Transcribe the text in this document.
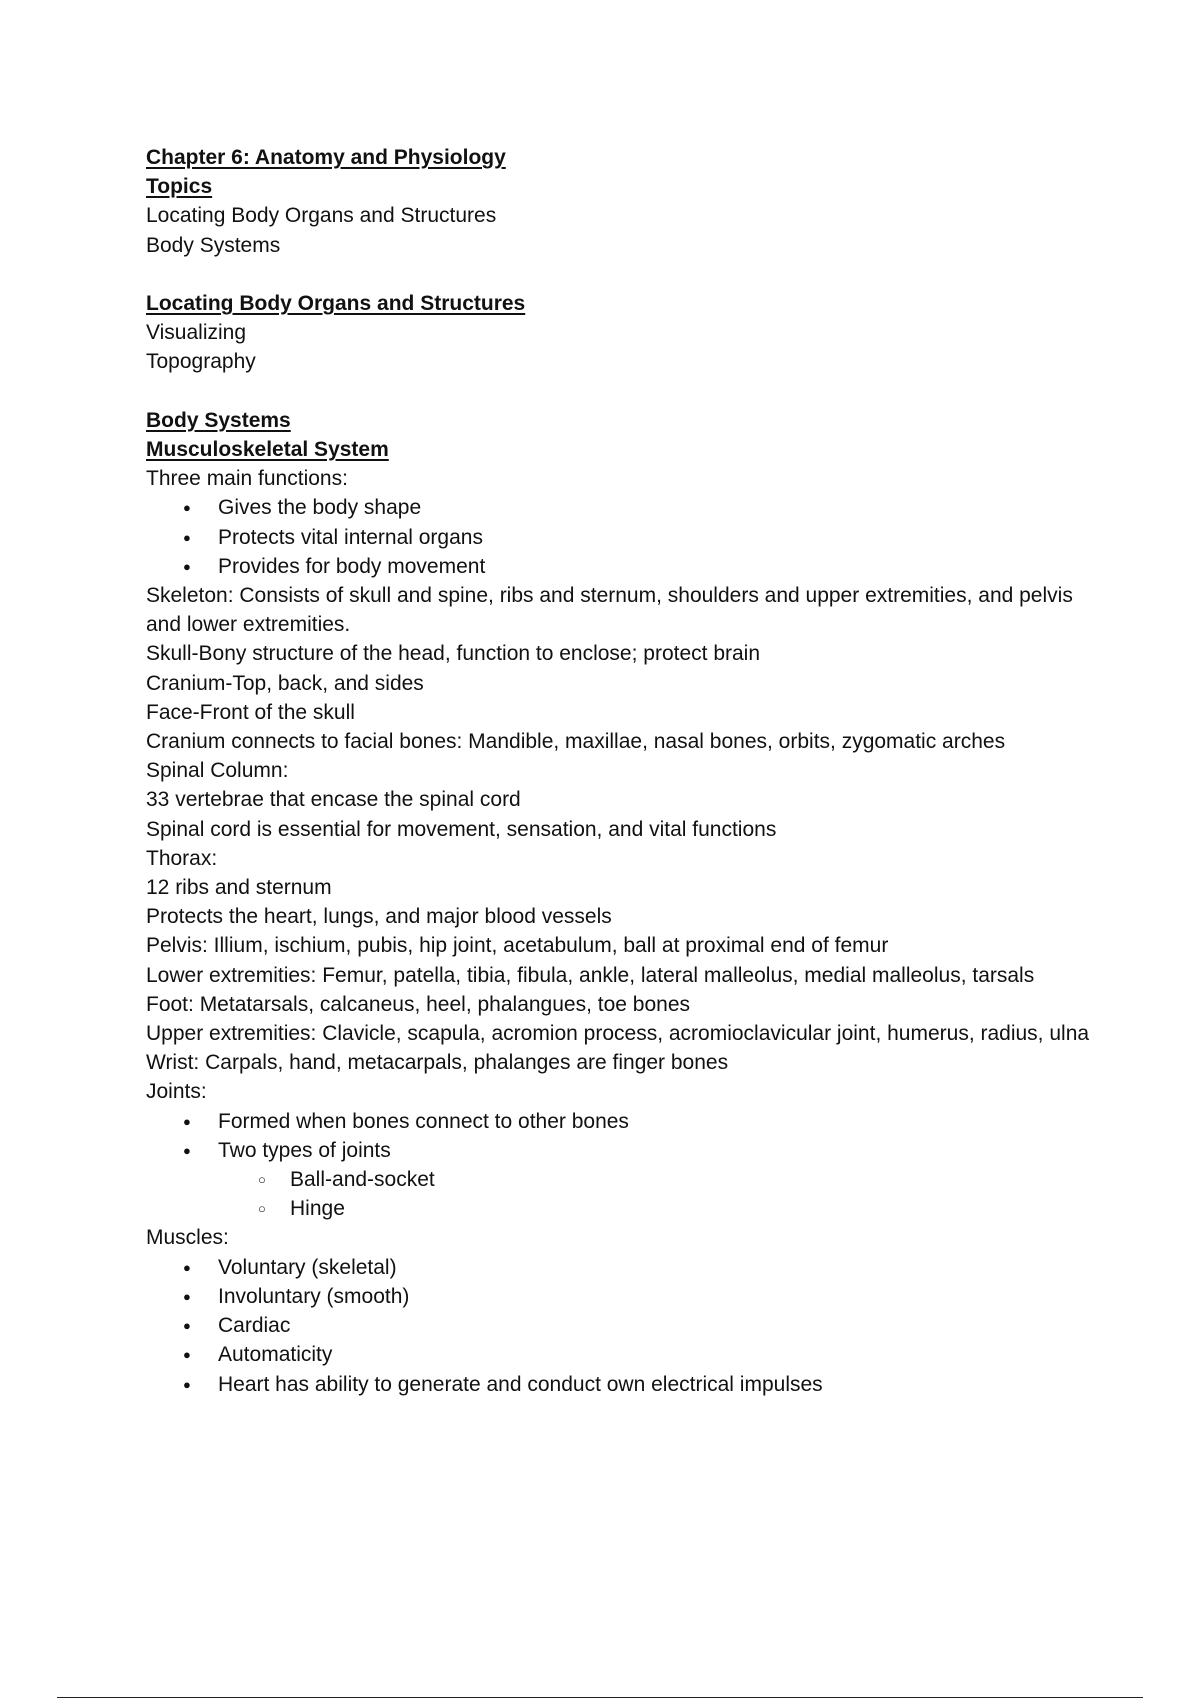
Chapter 6: Anatomy and Physiology
Topics
Locating Body Organs and Structures
Body Systems
Locating Body Organs and Structures
Visualizing
Topography
Body Systems
Musculoskeletal System
Three main functions:
● Gives the body shape
● Protects vital internal organs
● Provides for body movement
Skeleton: Consists of skull and spine, ribs and sternum, shoulders and upper extremities, and pelvis and lower extremities.
Skull-Bony structure of the head, function to enclose; protect brain
Cranium-Top, back, and sides
Face-Front of the skull
Cranium connects to facial bones: Mandible, maxillae, nasal bones, orbits, zygomatic arches
Spinal Column:
33 vertebrae that encase the spinal cord
Spinal cord is essential for movement, sensation, and vital functions
Thorax:
12 ribs and sternum
Protects the heart, lungs, and major blood vessels
Pelvis: Illium, ischium, pubis, hip joint, acetabulum, ball at proximal end of femur
Lower extremities: Femur, patella, tibia, fibula, ankle, lateral malleolus, medial malleolus, tarsals
Foot: Metatarsals, calcaneus, heel, phalangues, toe bones
Upper extremities: Clavicle, scapula, acromion process, acromioclavicular joint, humerus, radius, ulna
Wrist: Carpals, hand, metacarpals, phalanges are finger bones
Joints:
● Formed when bones connect to other bones
● Two types of joints
○ Ball-and-socket
○ Hinge
Muscles:
● Voluntary (skeletal)
● Involuntary (smooth)
● Cardiac
● Automaticity
● Heart has ability to generate and conduct own electrical impulses
